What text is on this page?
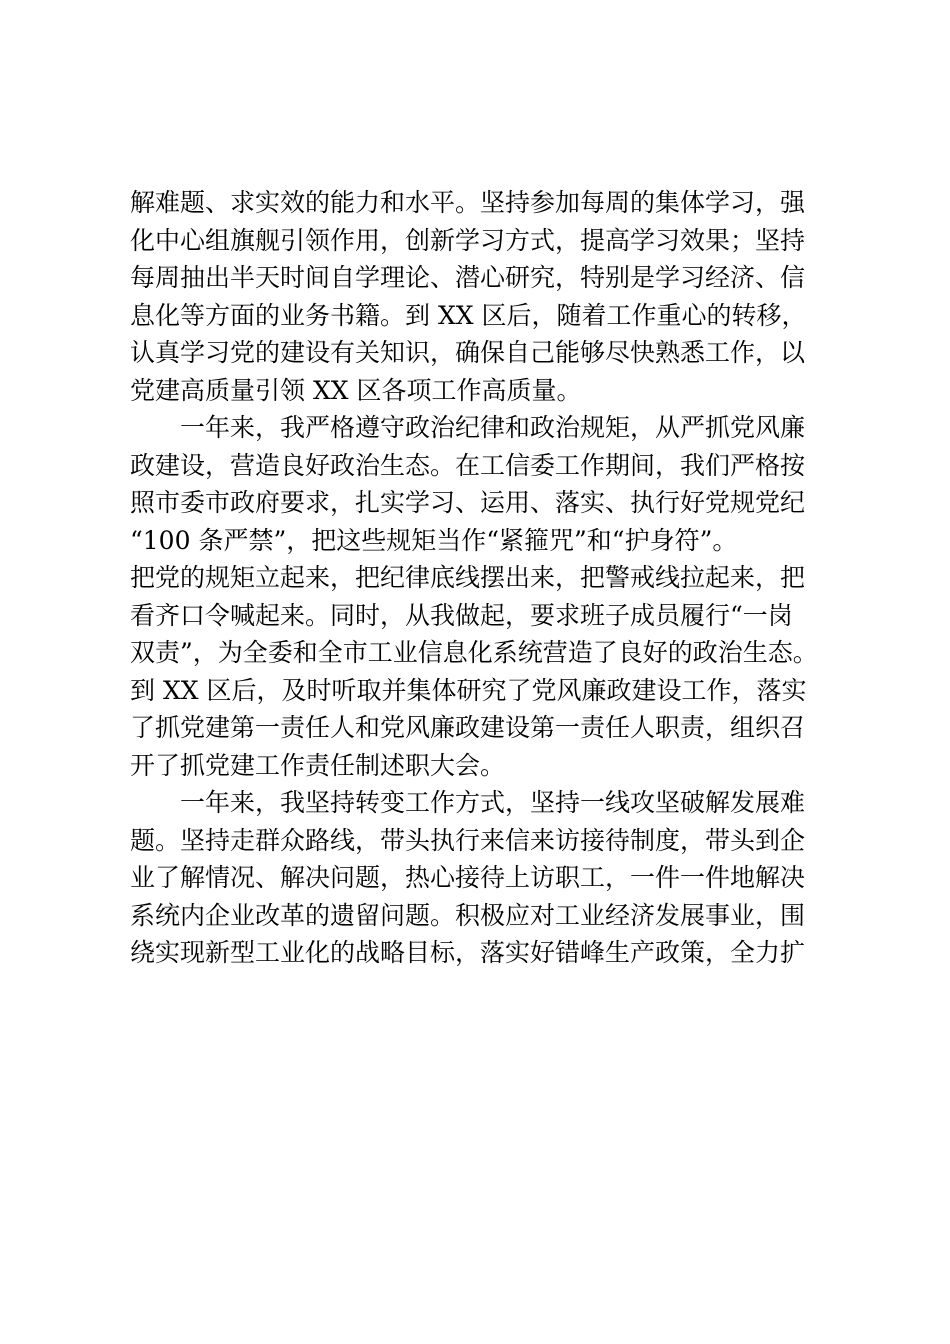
解难题、求实效的能力和水平。坚持参加每周的集体学习，强
化中心组旗舰引领作用，创新学习方式，提高学习效果；坚持
每周抽出半天时间自学理论、潜心研究，特别是学习经济、信
息化等方面的业务书籍。到 XX 区后，随着工作重心的转移，
认真学习党的建设有关知识，确保自己能够尽快熟悉工作，以
党建高质量引领 XX 区各项工作高质量。
　　一年来，我严格遵守政治纪律和政治规矩，从严抓党风廉
政建设，营造良好政治生态。在工信委工作期间，我们严格按
照市委市政府要求，扎实学习、运用、落实、执行好党规党纪
“100 条严禁”，把这些规矩当作“紧箍咒”和“护身符”。
把党的规矩立起来，把纪律底线摆出来，把警戒线拉起来，把
看齐口令喊起来。同时，从我做起，要求班子成员履行“一岗
双责”，为全委和全市工业信息化系统营造了良好的政治生态。
到 XX 区后，及时听取并集体研究了党风廉政建设工作，落实
了抓党建第一责任人和党风廉政建设第一责任人职责，组织召
开了抓党建工作责任制述职大会。
　　一年来，我坚持转变工作方式，坚持一线攻坚破解发展难
题。坚持走群众路线，带头执行来信来访接待制度，带头到企
业了解情况、解决问题，热心接待上访职工，一件一件地解决
系统内企业改革的遗留问题。积极应对工业经济发展事业，围
绕实现新型工业化的战略目标，落实好错峰生产政策，全力扩
